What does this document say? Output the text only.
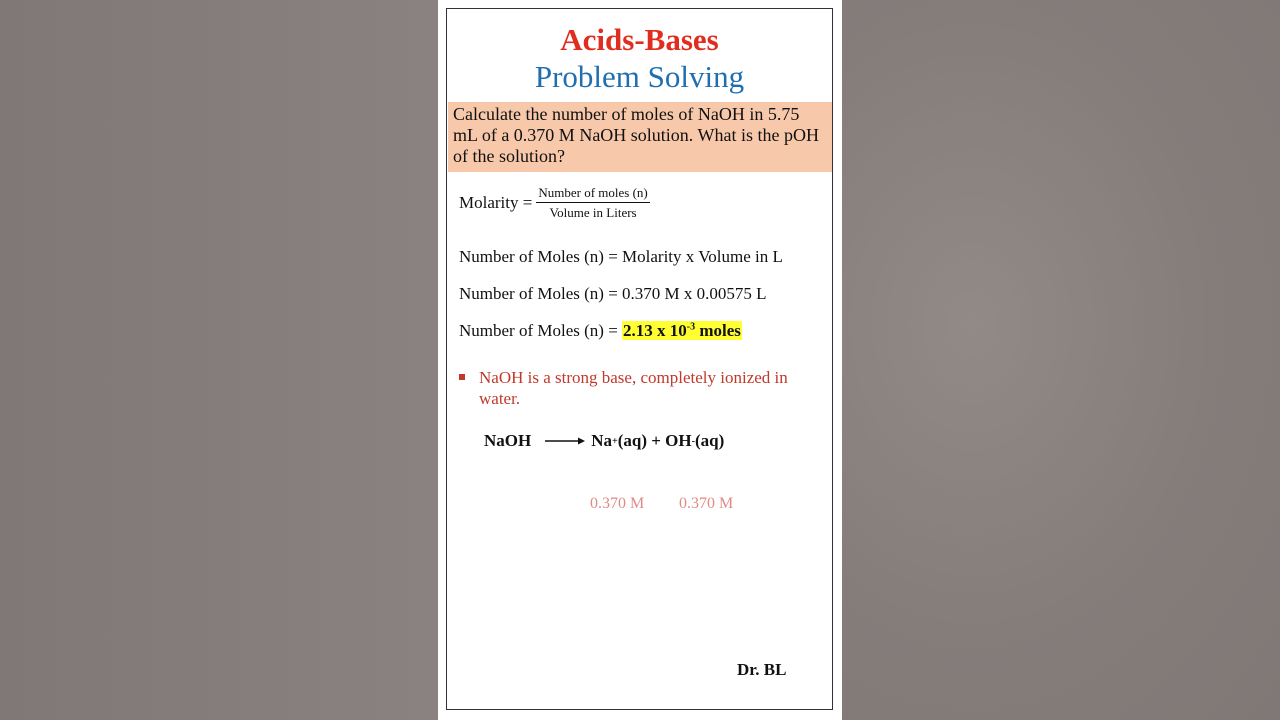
Acids-Bases
Problem Solving
Calculate the number of moles of NaOH in 5.75 mL of a 0.370 M NaOH solution. What is the pOH of the solution?
Molarity = $\frac{\text{Number of moles (n)}}{\text{Volume in Liters}}$
Number of Moles (n) = Molarity x Volume in L
Number of Moles (n) = 0.370 M x 0.00575 L
Number of Moles (n) = 2.13 x $10^{-3}$ moles
NaOH is a strong base, completely ionized in water.
NaOH → Na + (aq) + OH - (aq)
0.370 M 0.370 M
Dr. BL
